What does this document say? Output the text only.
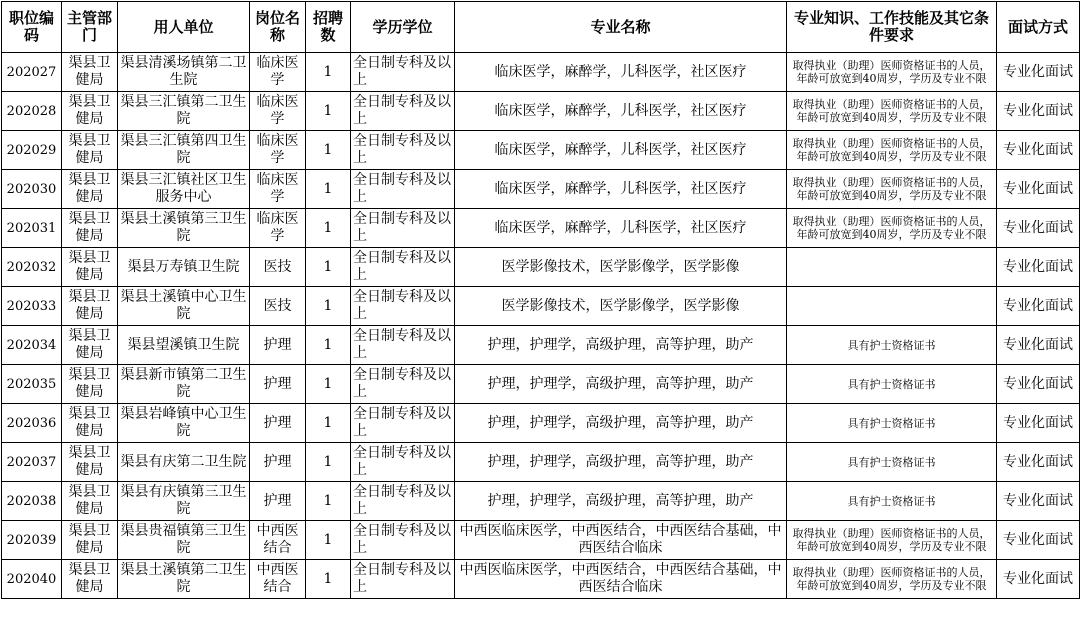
职位编码	主管部门	用人单位	岗位名称	招聘数	学历学位	专业名称	专业知识、工作技能及其它条件要求	面试方式
202027	渠县卫健局	渠县清溪场镇第二卫生院	临床医学	1	全日制专科及以上	临床医学，麻醉学，儿科医学，社区医疗	取得执业（助理）医师资格证书的人员，年龄可放宽到40周岁，学历及专业不限	专业化面试
202028	渠县卫健局	渠县三汇镇第二卫生院	临床医学	1	全日制专科及以上	临床医学，麻醉学，儿科医学，社区医疗	取得执业（助理）医师资格证书的人员，年龄可放宽到40周岁，学历及专业不限	专业化面试
202029	渠县卫健局	渠县三汇镇第四卫生院	临床医学	1	全日制专科及以上	临床医学，麻醉学，儿科医学，社区医疗	取得执业（助理）医师资格证书的人员，年龄可放宽到40周岁，学历及专业不限	专业化面试
202030	渠县卫健局	渠县三汇镇社区卫生服务中心	临床医学	1	全日制专科及以上	临床医学，麻醉学，儿科医学，社区医疗	取得执业（助理）医师资格证书的人员，年龄可放宽到40周岁，学历及专业不限	专业化面试
202031	渠县卫健局	渠县土溪镇第三卫生院	临床医学	1	全日制专科及以上	临床医学，麻醉学，儿科医学，社区医疗	取得执业（助理）医师资格证书的人员，年龄可放宽到40周岁，学历及专业不限	专业化面试
202032	渠县卫健局	渠县万寿镇卫生院	医技	1	全日制专科及以上	医学影像技术，医学影像学，医学影像		专业化面试
202033	渠县卫健局	渠县土溪镇中心卫生院	医技	1	全日制专科及以上	医学影像技术，医学影像学，医学影像		专业化面试
202034	渠县卫健局	渠县望溪镇卫生院	护理	1	全日制专科及以上	护理，护理学，高级护理，高等护理，助产	具有护士资格证书	专业化面试
202035	渠县卫健局	渠县新市镇第二卫生院	护理	1	全日制专科及以上	护理，护理学，高级护理，高等护理，助产	具有护士资格证书	专业化面试
202036	渠县卫健局	渠县岩峰镇中心卫生院	护理	1	全日制专科及以上	护理，护理学，高级护理，高等护理，助产	具有护士资格证书	专业化面试
202037	渠县卫健局	渠县有庆第二卫生院	护理	1	全日制专科及以上	护理，护理学，高级护理，高等护理，助产	具有护士资格证书	专业化面试
202038	渠县卫健局	渠县有庆镇第三卫生院	护理	1	全日制专科及以上	护理，护理学，高级护理，高等护理，助产	具有护士资格证书	专业化面试
202039	渠县卫健局	渠县贵福镇第三卫生院	中西医结合	1	全日制专科及以上	中西医临床医学，中西医结合，中西医结合基础，中西医结合临床	取得执业（助理）医师资格证书的人员，年龄可放宽到40周岁，学历及专业不限	专业化面试
202040	渠县卫健局	渠县土溪镇第二卫生院	中西医结合	1	全日制专科及以上	中西医临床医学，中西医结合，中西医结合基础，中西医结合临床	取得执业（助理）医师资格证书的人员，年龄可放宽到40周岁，学历及专业不限	专业化面试
